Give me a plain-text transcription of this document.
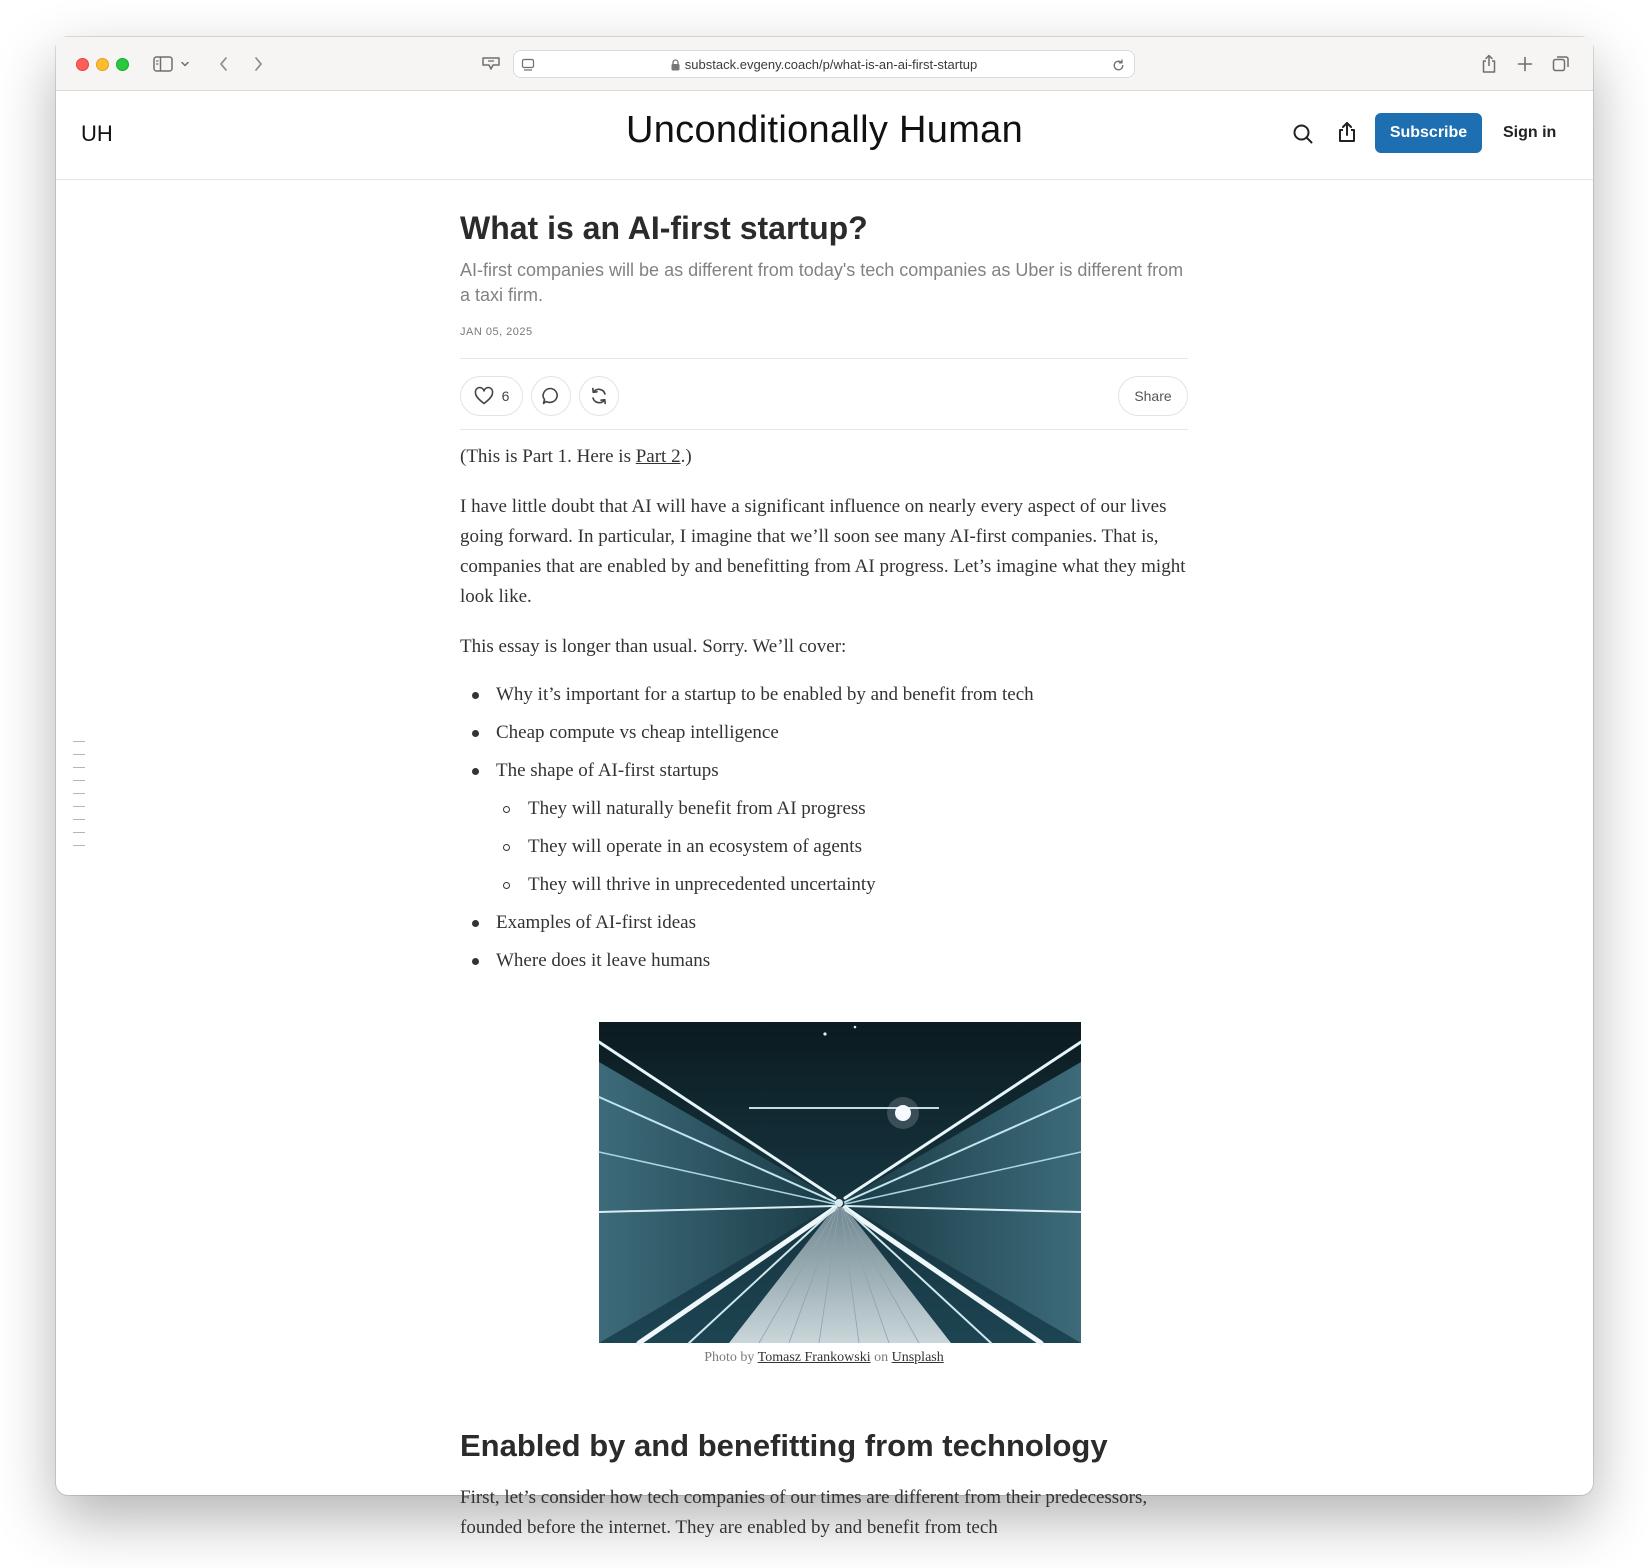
substack.evgeny.coach/p/what-is-an-ai-first-startup
UH	Unconditionally Human	Subscribe	Sign in
What is an AI-first startup?
AI-first companies will be as different from today's tech companies as Uber is different from a taxi firm.
JAN 05, 2025
6	Share

(This is Part 1. Here is Part 2.)

I have little doubt that AI will have a significant influence on nearly every aspect of our lives going forward. In particular, I imagine that we’ll soon see many AI-first companies. That is, companies that are enabled by and benefitting from AI progress. Let’s imagine what they might look like.

This essay is longer than usual. Sorry. We’ll cover:

Why it’s important for a startup to be enabled by and benefit from tech
Cheap compute vs cheap intelligence
The shape of AI-first startups
They will naturally benefit from AI progress
They will operate in an ecosystem of agents
They will thrive in unprecedented uncertainty
Examples of AI-first ideas
Where does it leave humans
Photo by Tomasz Frankowski on Unsplash
Enabled by and benefitting from technology

First, let’s consider how tech companies of our times are different from their predecessors, founded before the internet. They are enabled by and benefit from tech
